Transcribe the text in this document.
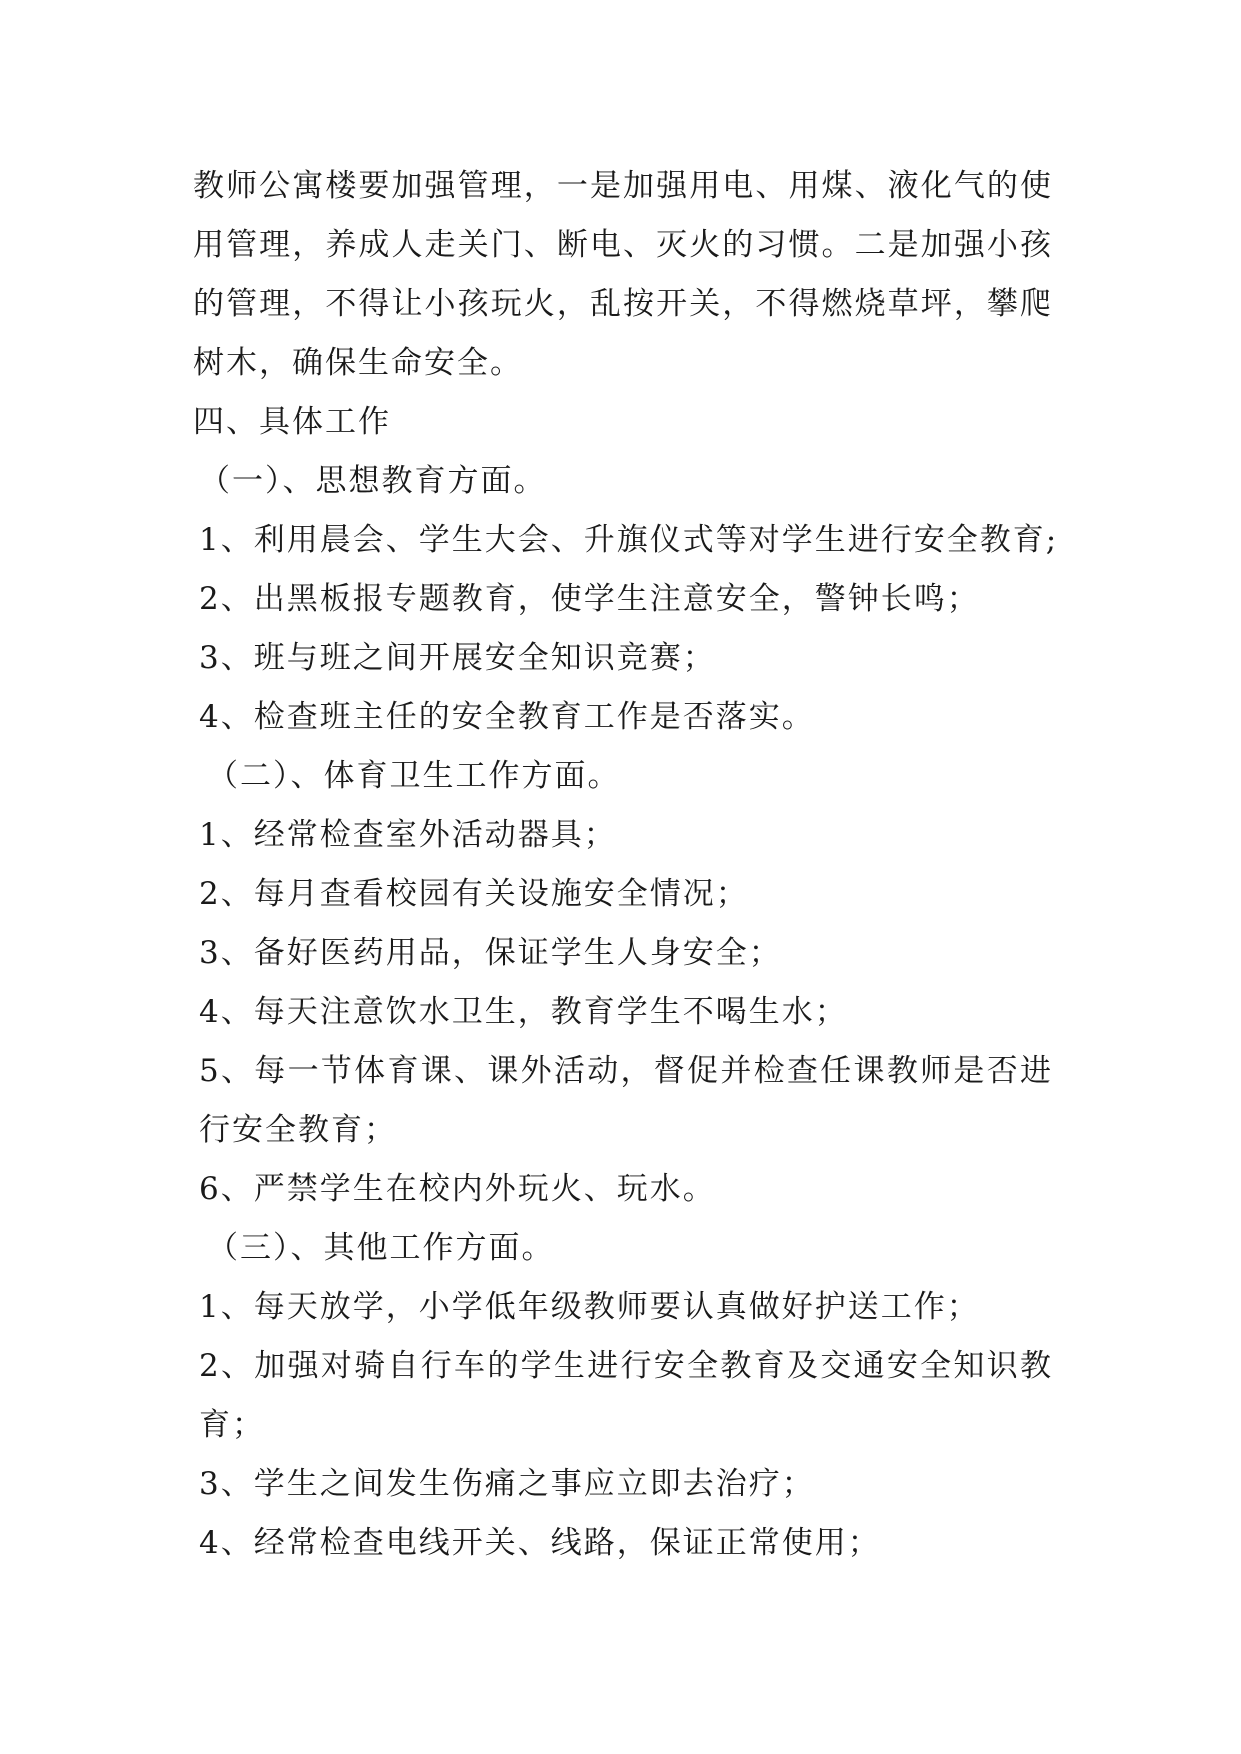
教师公寓楼要加强管理，一是加强用电、用煤、液化气的使用管理，养成人走关门、断电、灭火的习惯。二是加强小孩的管理，不得让小孩玩火，乱按开关，不得燃烧草坪，攀爬树木，确保生命安全。
四、具体工作
（一）、思想教育方面。
1、利用晨会、学生大会、升旗仪式等对学生进行安全教育;
2、出黑板报专题教育，使学生注意安全，警钟长鸣；
3、班与班之间开展安全知识竞赛；
4、检查班主任的安全教育工作是否落实。
（二）、体育卫生工作方面。
1、经常检查室外活动器具；
2、每月查看校园有关设施安全情况；
3、备好医药用品，保证学生人身安全；
4、每天注意饮水卫生，教育学生不喝生水；
5、每一节体育课、课外活动，督促并检查任课教师是否进行安全教育；
6、严禁学生在校内外玩火、玩水。
（三）、其他工作方面。
1、每天放学，小学低年级教师要认真做好护送工作；
2、加强对骑自行车的学生进行安全教育及交通安全知识教育；
3、学生之间发生伤痛之事应立即去治疗；
4、经常检查电线开关、线路，保证正常使用；
